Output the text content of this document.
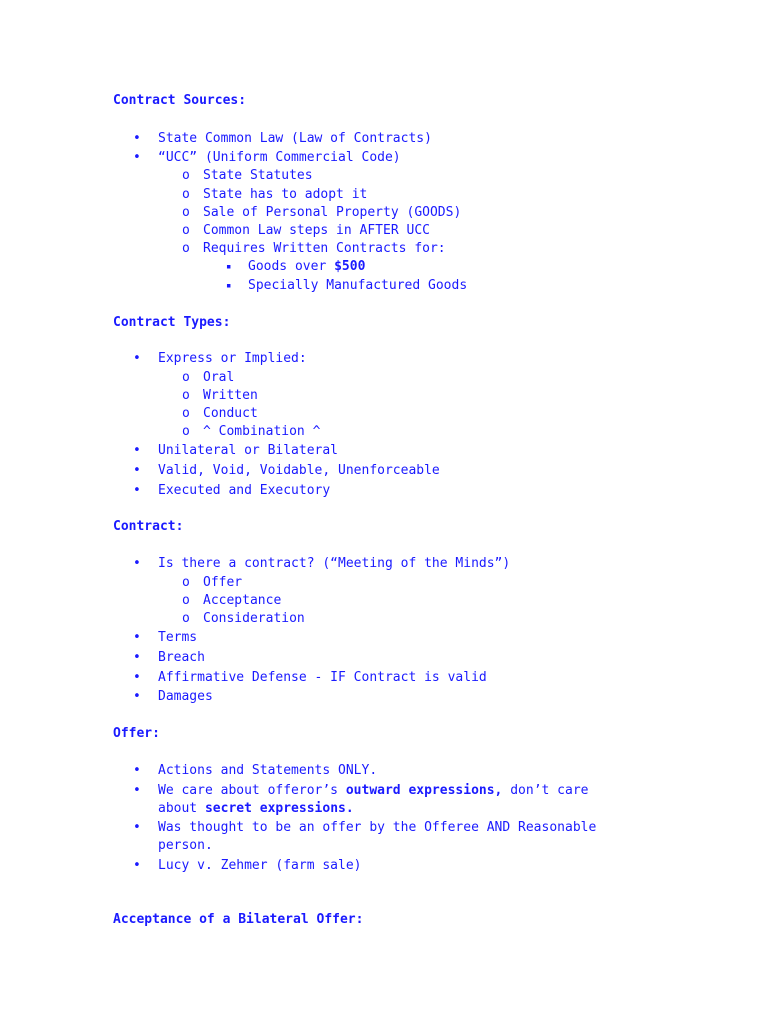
Contract Sources:
• State Common Law (Law of Contracts)
• “UCC” (Uniform Commercial Code)
o State Statutes
o State has to adopt it
o Sale of Personal Property (GOODS)
o Common Law steps in AFTER UCC
o Requires Written Contracts for:
▪ Goods over $500
▪ Specially Manufactured Goods
Contract Types:
• Express or Implied:
o Oral
o Written
o Conduct
o ^ Combination ^
• Unilateral or Bilateral
• Valid, Void, Voidable, Unenforceable
• Executed and Executory
Contract:
• Is there a contract? (“Meeting of the Minds”)
o Offer
o Acceptance
o Consideration
• Terms
• Breach
• Affirmative Defense - IF Contract is valid
• Damages
Offer:
• Actions and Statements ONLY.
• We care about offeror’s outward expressions, don’t care
about secret expressions.
• Was thought to be an offer by the Offeree AND Reasonable
person.
• Lucy v. Zehmer (farm sale)
Acceptance of a Bilateral Offer:
